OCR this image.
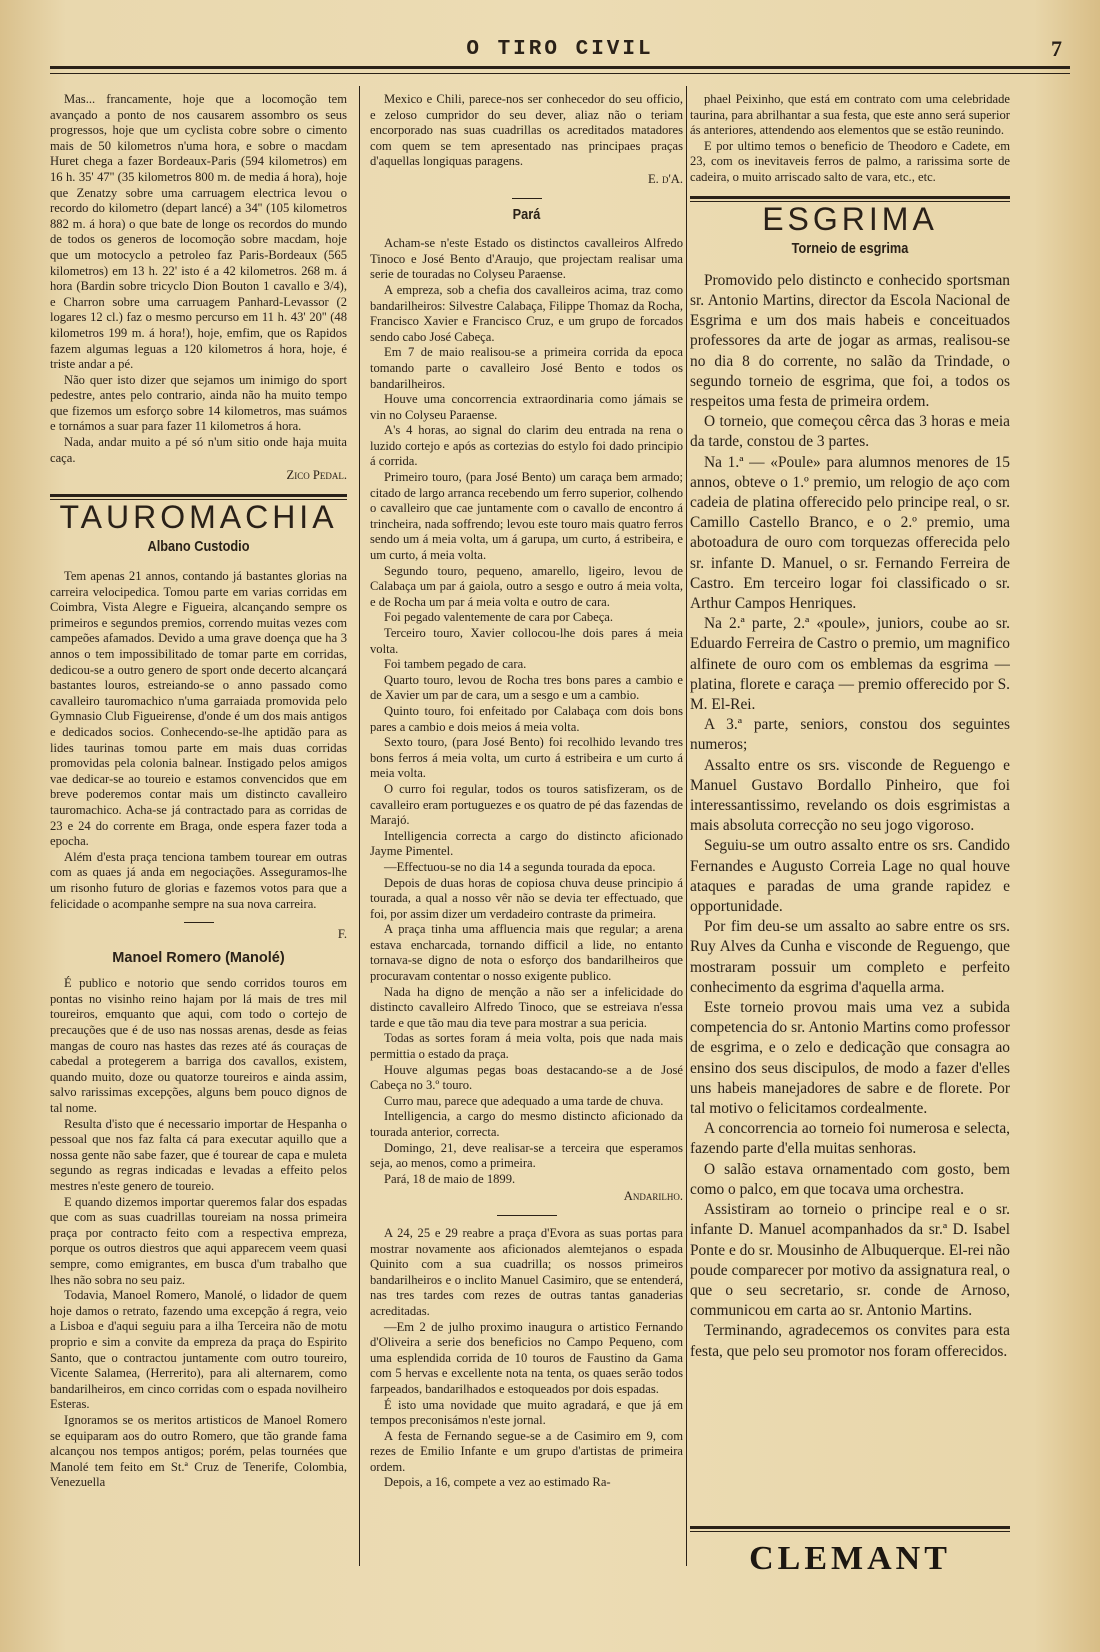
O TIRO CIVIL	7

Mas... francamente, hoje que a locomoção tem avançado a ponto de nos causarem assombro os seus progressos, hoje que um cyclista cobre sobre o cimento mais de 50 kilometros n'uma hora, e sobre o macdam Huret chega a fazer Bordeaux-Paris (594 kilometros) em 16 h. 35' 47'' (35 kilometros 800 m. de media á hora), hoje que Zenatzy sobre uma carruagem electrica levou o recordo do kilometro (depart lancé) a 34'' (105 kilometros 882 m. á hora) o que bate de longe os recordos do mundo de todos os generos de locomoção sobre macdam, hoje que um motocyclo a petroleo faz Paris-Bordeaux (565 kilometros) em 13 h. 22' isto é a 42 kilometros. 268 m. á hora (Bardin sobre tricyclo Dion Bouton 1 cavallo e 3/4), e Charron sobre uma carruagem Panhard-Levassor (2 logares 12 cl.) faz o mesmo percurso em 11 h. 43' 20'' (48 kilometros 199 m. á hora!), hoje, emfim, que os Rapidos fazem algumas leguas a 120 kilometros á hora, hoje, é triste andar a pé.

Não quer isto dizer que sejamos um inimigo do sport pedestre, antes pelo contrario, ainda não ha muito tempo que fizemos um esforço sobre 14 kilometros, mas suámos e tornámos a suar para fazer 11 kilometros á hora.

Nada, andar muito a pé só n'um sitio onde haja muita caça.

Zico Pedal.
TAUROMACHIA
Albano Custodio

Tem apenas 21 annos, contando já bastantes glorias na carreira velocipedica. Tomou parte em varias corridas em Coimbra, Vista Alegre e Figueira, alcançando sempre os primeiros e segundos premios, correndo muitas vezes com campeões afamados. Devido a uma grave doença que ha 3 annos o tem impossibilitado de tomar parte em corridas, dedicou-se a outro genero de sport onde decerto alcançará bastantes louros, estreiando-se o anno passado como cavalleiro tauromachico n'uma garraiada promovida pelo Gymnasio Club Figueirense, d'onde é um dos mais antigos e dedicados socios. Conhecendo-se-lhe aptidão para as lides taurinas tomou parte em mais duas corridas promovidas pela colonia balnear. Instigado pelos amigos vae dedicar-se ao toureio e estamos convencidos que em breve poderemos contar mais um distincto cavalleiro tauromachico. Acha-se já contractado para as corridas de 23 e 24 do corrente em Braga, onde espera fazer toda a epocha.

Além d'esta praça tenciona tambem tourear em outras com as quaes já anda em negociações. Asseguramos-lhe um risonho futuro de glorias e fazemos votos para que a felicidade o acompanhe sempre na sua nova carreira.

F.
Manoel Romero (Manolé)

É publico e notorio que sendo corridos touros em pontas no visinho reino hajam por lá mais de tres mil toureiros, emquanto que aqui, com todo o cortejo de precauções que é de uso nas nossas arenas, desde as feias mangas de couro nas hastes das rezes até ás couraças de cabedal a protegerem a barriga dos cavallos, existem, quando muito, doze ou quatorze toureiros e ainda assim, salvo rarissimas excepções, alguns bem pouco dignos de tal nome.

Resulta d'isto que é necessario importar de Hespanha o pessoal que nos faz falta cá para executar aquillo que a nossa gente não sabe fazer, que é tourear de capa e muleta segundo as regras indicadas e levadas a effeito pelos mestres n'este genero de toureio.

E quando dizemos importar queremos falar dos espadas que com as suas cuadrillas toureiam na nossa primeira praça por contracto feito com a respectiva empreza, porque os outros diestros que aqui apparecem veem quasi sempre, como emigrantes, em busca d'um trabalho que lhes não sobra no seu paiz.

Todavia, Manoel Romero, Manolé, o lidador de quem hoje damos o retrato, fazendo uma excepção á regra, veio a Lisboa e d'aqui seguiu para a ilha Terceira não de motu proprio e sim a convite da empreza da praça do Espirito Santo, que o contractou juntamente com outro toureiro, Vicente Salamea, (Herrerito), para ali alternarem, como bandarilheiros, em cinco corridas com o espada novilheiro Esteras.

Ignoramos se os meritos artisticos de Manoel Romero se equiparam aos do outro Romero, que tão grande fama alcançou nos tempos antigos; porém, pelas tournées que Manolé tem feito em St.ª Cruz de Tenerife, Colombia, Venezuella

Mexico e Chili, parece-nos ser conhecedor do seu officio, e zeloso cumpridor do seu dever, aliaz não o teriam encorporado nas suas cuadrillas os acreditados matadores com quem se tem apresentado nas principaes praças d'aquellas longiquas paragens.

E. d'A.
Pará

Acham-se n'este Estado os distinctos cavalleiros Alfredo Tinoco e José Bento d'Araujo, que projectam realisar uma serie de touradas no Colyseu Paraense.

A empreza, sob a chefia dos cavalleiros acima, traz como bandarilheiros: Silvestre Calabaça, Filippe Thomaz da Rocha, Francisco Xavier e Francisco Cruz, e um grupo de forcados sendo cabo José Cabeça.

Em 7 de maio realisou-se a primeira corrida da epoca tomando parte o cavalleiro José Bento e todos os bandarilheiros.

Houve uma concorrencia extraordinaria como jámais se vin no Colyseu Paraense.

A's 4 horas, ao signal do clarim deu entrada na rena o luzido cortejo e após as cortezias do estylo foi dado principio á corrida.

Primeiro touro, (para José Bento) um caraça bem armado; citado de largo arranca recebendo um ferro superior, colhendo o cavalleiro que cae juntamente com o cavallo de encontro á trincheira, nada soffrendo; levou este touro mais quatro ferros sendo um á meia volta, um á garupa, um curto, á estribeira, e um curto, á meia volta.

Segundo touro, pequeno, amarello, ligeiro, levou de Calabaça um par á gaiola, outro a sesgo e outro á meia volta, e de Rocha um par á meia volta e outro de cara.

Foi pegado valentemente de cara por Cabeça.

Terceiro touro, Xavier collocou-lhe dois pares á meia volta.

Foi tambem pegado de cara.

Quarto touro, levou de Rocha tres bons pares a cambio e de Xavier um par de cara, um a sesgo e um a cambio.

Quinto touro, foi enfeitado por Calabaça com dois bons pares a cambio e dois meios á meia volta.

Sexto touro, (para José Bento) foi recolhido levando tres bons ferros á meia volta, um curto á estribeira e um curto á meia volta.

O curro foi regular, todos os touros satisfizeram, os de cavalleiro eram portuguezes e os quatro de pé das fazendas de Marajó.

Intelligencia correcta a cargo do distincto aficionado Jayme Pimentel.

—Effectuou-se no dia 14 a segunda tourada da epoca.

Depois de duas horas de copiosa chuva deuse principio á tourada, a qual a nosso vêr não se devia ter effectuado, que foi, por assim dizer um verdadeiro contraste da primeira.

A praça tinha uma affluencia mais que regular; a arena estava encharcada, tornando difficil a lide, no entanto tornava-se digno de nota o esforço dos bandarilheiros que procuravam contentar o nosso exigente publico.

Nada ha digno de menção a não ser a infelicidade do distincto cavalleiro Alfredo Tinoco, que se estreiava n'essa tarde e que tão mau dia teve para mostrar a sua pericia.

Todas as sortes foram á meia volta, pois que nada mais permittia o estado da praça.

Houve algumas pegas boas destacando-se a de José Cabeça no 3.º touro.

Curro mau, parece que adequado a uma tarde de chuva.

Intelligencia, a cargo do mesmo distincto aficionado da tourada anterior, correcta.

Domingo, 21, deve realisar-se a terceira que esperamos seja, ao menos, como a primeira.

Pará, 18 de maio de 1899.

Andarilho.

A 24, 25 e 29 reabre a praça d'Evora as suas portas para mostrar novamente aos aficionados alemtejanos o espada Quinito com a sua cuadrilla; os nossos primeiros bandarilheiros e o inclito Manuel Casimiro, que se entenderá, nas tres tardes com rezes de outras tantas ganaderias acreditadas.

—Em 2 de julho proximo inaugura o artistico Fernando d'Oliveira a serie dos beneficios no Campo Pequeno, com uma esplendida corrida de 10 touros de Faustino da Gama com 5 hervas e excellente nota na tenta, os quaes serão todos farpeados, bandarilhados e estoqueados por dois espadas.

É isto uma novidade que muito agradará, e que já em tempos preconisámos n'este jornal.

A festa de Fernando segue-se a de Casimiro em 9, com rezes de Emilio Infante e um grupo d'artistas de primeira ordem.

Depois, a 16, compete a vez ao estimado Ra-

phael Peixinho, que está em contrato com uma celebridade taurina, para abrilhantar a sua festa, que este anno será superior ás anteriores, attendendo aos elementos que se estão reunindo.

E por ultimo temos o beneficio de Theodoro e Cadete, em 23, com os inevitaveis ferros de palmo, a rarissima sorte de cadeira, o muito arriscado salto de vara, etc., etc.

ESGRIMA
Torneio de esgrima

Promovido pelo distincto e conhecido sportsman sr. Antonio Martins, director da Escola Nacional de Esgrima e um dos mais habeis e conceituados professores da arte de jogar as armas, realisou-se no dia 8 do corrente, no salão da Trindade, o segundo torneio de esgrima, que foi, a todos os respeitos uma festa de primeira ordem.

O torneio, que começou cêrca das 3 horas e meia da tarde, constou de 3 partes.

Na 1.ª — «Poule» para alumnos menores de 15 annos, obteve o 1.º premio, um relogio de aço com cadeia de platina offerecido pelo principe real, o sr. Camillo Castello Branco, e o 2.º premio, uma abotoadura de ouro com torquezas offerecida pelo sr. infante D. Manuel, o sr. Fernando Ferreira de Castro. Em terceiro logar foi classificado o sr. Arthur Campos Henriques.

Na 2.ª parte, 2.ª «poule», juniors, coube ao sr. Eduardo Ferreira de Castro o premio, um magnifico alfinete de ouro com os emblemas da esgrima — platina, florete e caraça — premio offerecido por S. M. El-Rei.

A 3.ª parte, seniors, constou dos seguintes numeros;

Assalto entre os srs. visconde de Reguengo e Manuel Gustavo Bordallo Pinheiro, que foi interessantissimo, revelando os dois esgrimistas a mais absoluta correcção no seu jogo vigoroso.

Seguiu-se um outro assalto entre os srs. Candido Fernandes e Augusto Correia Lage no qual houve ataques e paradas de uma grande rapidez e opportunidade.

Por fim deu-se um assalto ao sabre entre os srs. Ruy Alves da Cunha e visconde de Reguengo, que mostraram possuir um completo e perfeito conhecimento da esgrima d'aquella arma.

Este torneio provou mais uma vez a subida competencia do sr. Antonio Martins como professor de esgrima, e o zelo e dedicação que consagra ao ensino dos seus discipulos, de modo a fazer d'elles uns habeis manejadores de sabre e de florete. Por tal motivo o felicitamos cordealmente.

A concorrencia ao torneio foi numerosa e selecta, fazendo parte d'ella muitas senhoras.

O salão estava ornamentado com gosto, bem como o palco, em que tocava uma orchestra.

Assistiram ao torneio o principe real e o sr. infante D. Manuel acompanhados da sr.ª D. Isabel Ponte e do sr. Mousinho de Albuquerque. El-rei não poude comparecer por motivo da assignatura real, o que o seu secretario, sr. conde de Arnoso, communicou em carta ao sr. Antonio Martins.

Terminando, agradecemos os convites para esta festa, que pelo seu promotor nos foram offerecidos.

CLEMANT
